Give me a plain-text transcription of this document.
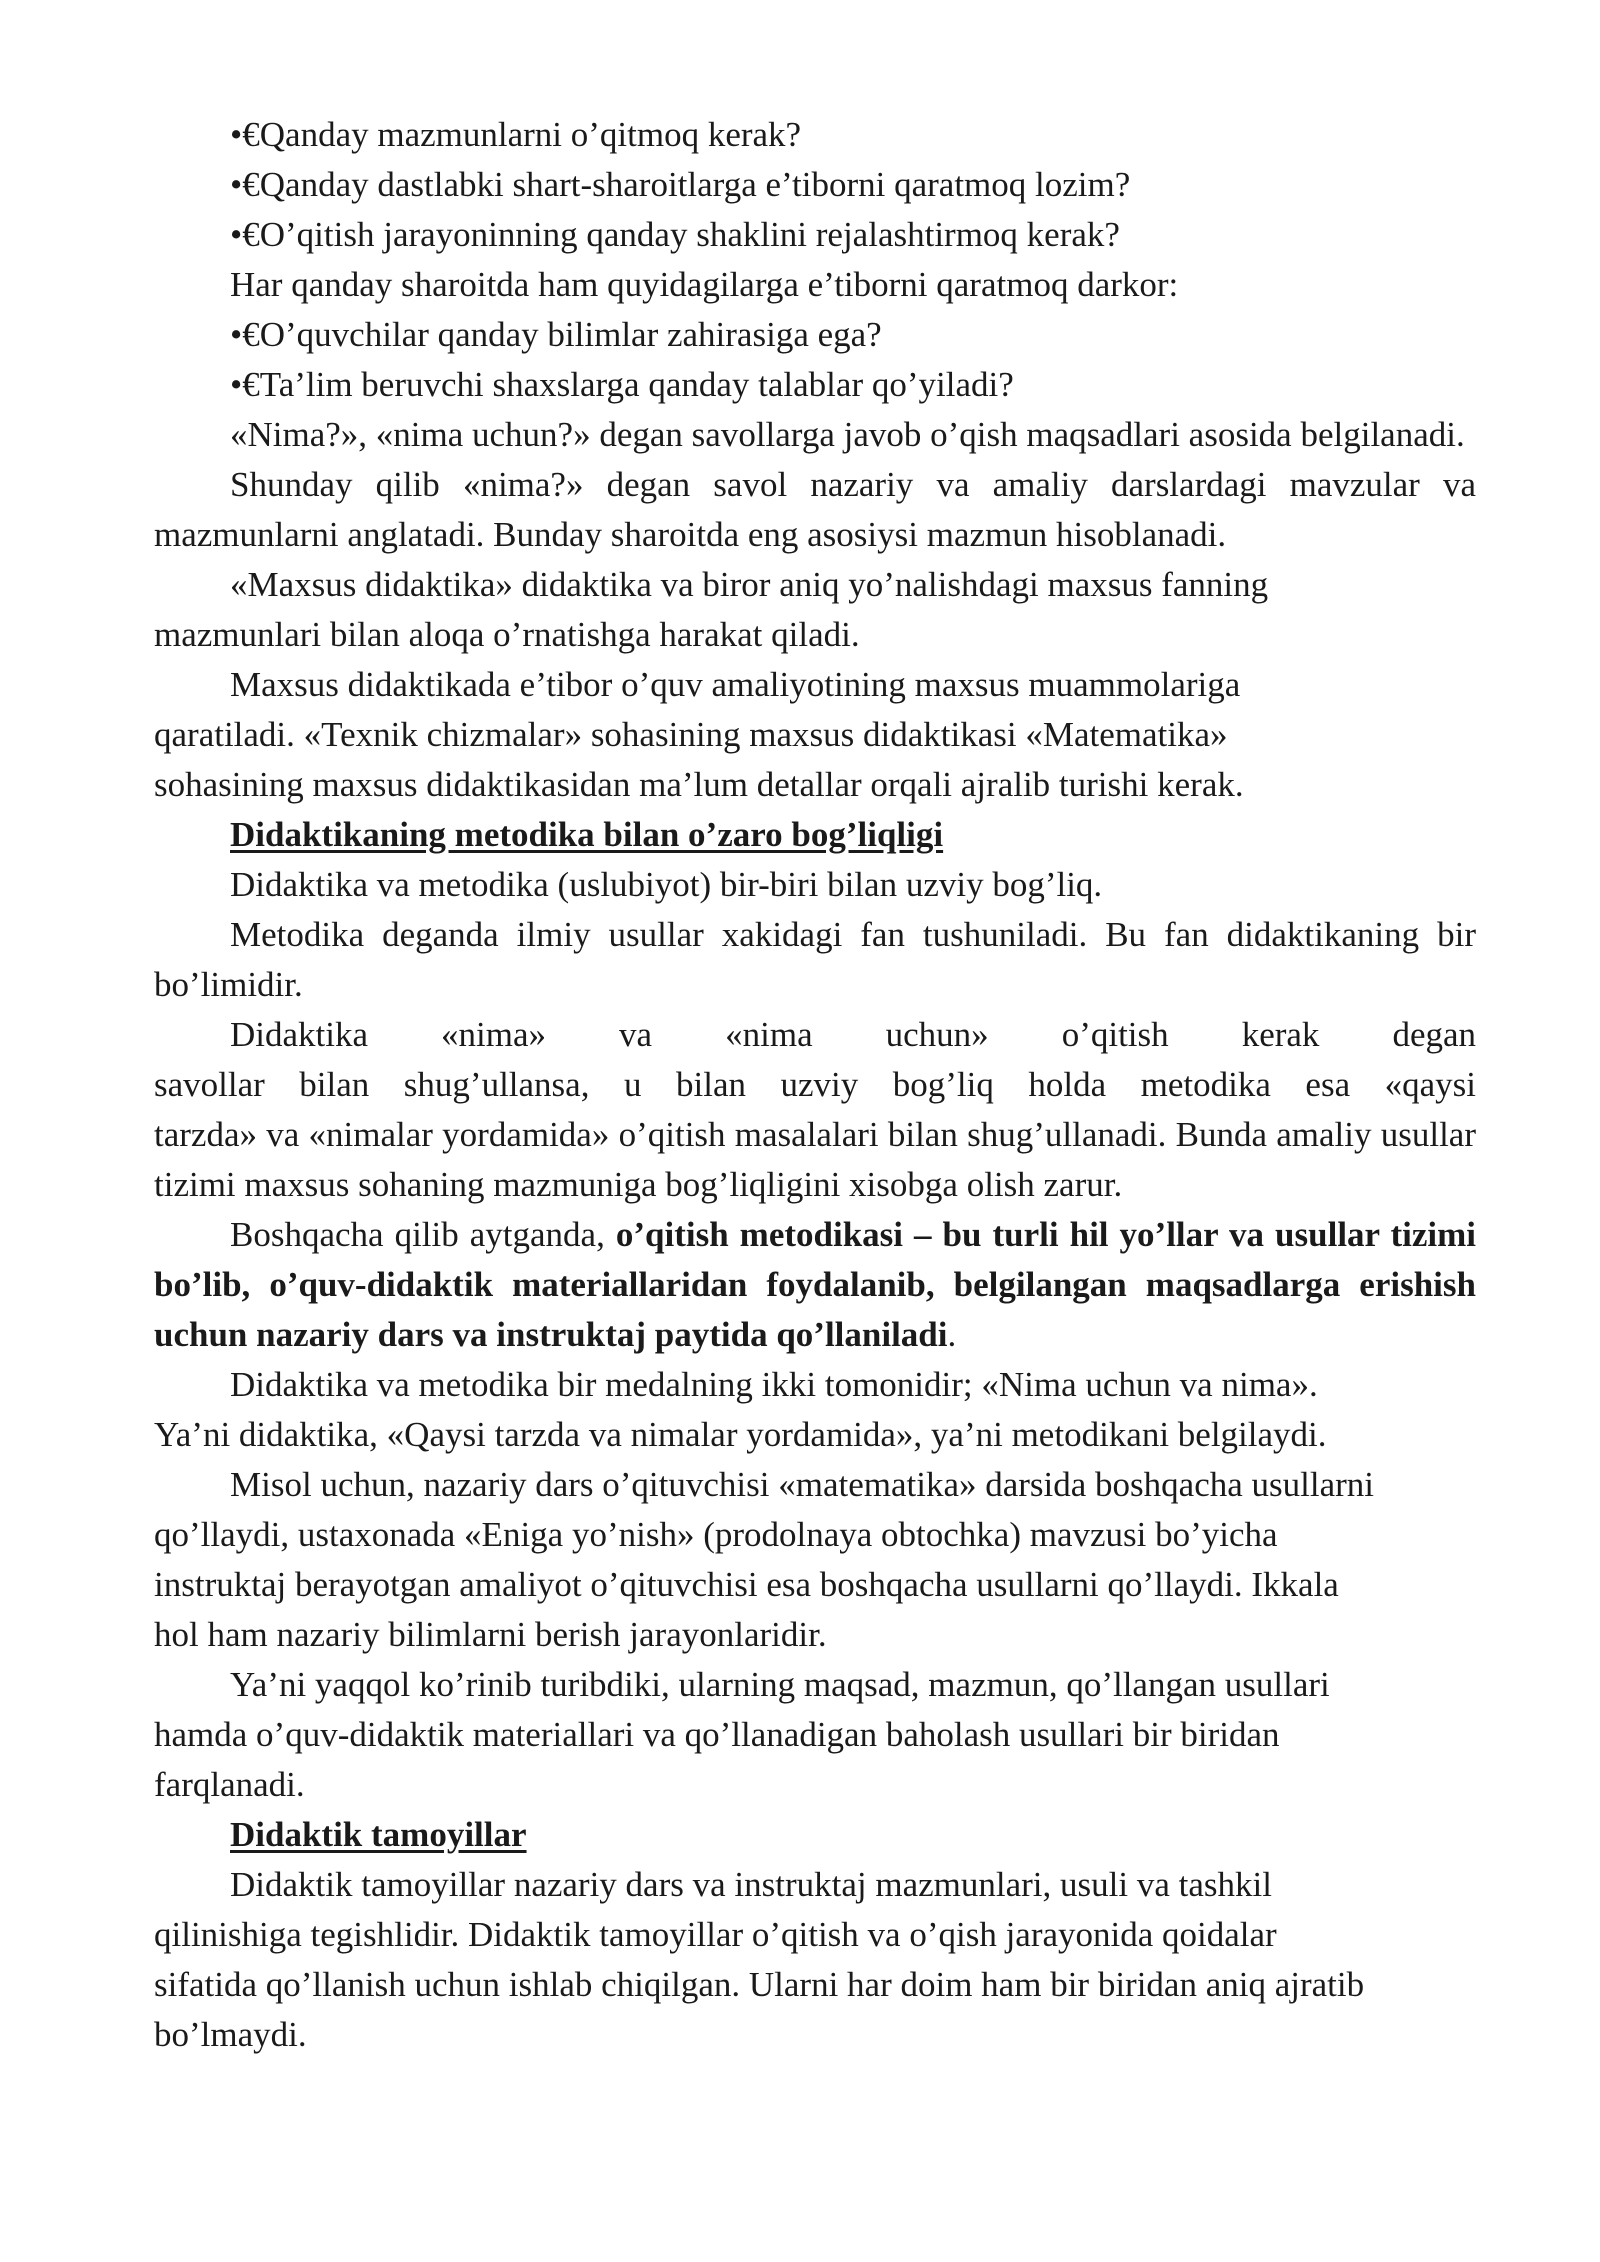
•€Qanday mazmunlarni o’qitmoq kerak?

•€Qanday dastlabki shart-sharoitlarga e’tiborni qaratmoq lozim?

•€O’qitish jarayoninning qanday shaklini rejalashtirmoq kerak?

Har qanday sharoitda ham quyidagilarga e’tiborni qaratmoq darkor:

•€O’quvchilar qanday bilimlar zahirasiga ega?

•€Ta’lim beruvchi shaxslarga qanday talablar qo’yiladi?

«Nima?», «nima uchun?» degan savollarga javob o’qish maqsadlari asosida belgilanadi.

Shunday qilib «nima?» degan savol nazariy va amaliy darslardagi mavzular va mazmunlarni anglatadi. Bunday sharoitda eng asosiysi mazmun hisoblanadi.

«Maxsus didaktika» didaktika va biror aniq yo’nalishdagi maxsus fanning

mazmunlari bilan aloqa o’rnatishga harakat qiladi.

Maxsus didaktikada e’tibor o’quv amaliyotining maxsus muammolariga

qaratiladi. «Texnik chizmalar» sohasining maxsus didaktikasi «Matematika»

sohasining maxsus didaktikasidan ma’lum detallar orqali ajralib turishi kerak.

Didaktikaning metodika bilan o’zaro bog’liqligi

Didaktika va metodika (uslubiyot) bir-biri bilan uzviy bog’liq.

Metodika deganda ilmiy usullar xakidagi fan tushuniladi. Bu fan didaktikaning bir bo’limidir.

Didaktika «nima» va «nima uchun» o’qitish kerak degan

savollar bilan shug’ullansa, u bilan uzviy bog’liq holda metodika esa «qaysi

tarzda» va «nimalar yordamida» o’qitish masalalari bilan shug’ullanadi. Bunda amaliy usullar tizimi maxsus sohaning mazmuniga bog’liqligini xisobga olish zarur.

Boshqacha qilib aytganda, o’qitish metodikasi – bu turli hil yo’llar va usullar tizimi bo’lib, o’quv-didaktik materiallaridan foydalanib, belgilangan maqsadlarga erishish uchun nazariy dars va instruktaj paytida qo’llaniladi.

Didaktika va metodika bir medalning ikki tomonidir; «Nima uchun va nima».

Ya’ni didaktika, «Qaysi tarzda va nimalar yordamida», ya’ni metodikani belgilaydi.

Misol uchun, nazariy dars o’qituvchisi «matematika» darsida boshqacha usullarni

qo’llaydi, ustaxonada «Eniga yo’nish» (prodolnaya obtochka) mavzusi bo’yicha

instruktaj berayotgan amaliyot o’qituvchisi esa boshqacha usullarni qo’llaydi. Ikkala

hol ham nazariy bilimlarni berish jarayonlaridir.

Ya’ni yaqqol ko’rinib turibdiki, ularning maqsad, mazmun, qo’llangan usullari

hamda o’quv-didaktik materiallari va qo’llanadigan baholash usullari bir biridan

farqlanadi.

Didaktik tamoyillar

Didaktik tamoyillar nazariy dars va instruktaj mazmunlari, usuli va tashkil

qilinishiga tegishlidir. Didaktik tamoyillar o’qitish va o’qish jarayonida qoidalar

sifatida qo’llanish uchun ishlab chiqilgan. Ularni har doim ham bir biridan aniq ajratib

bo’lmaydi.
